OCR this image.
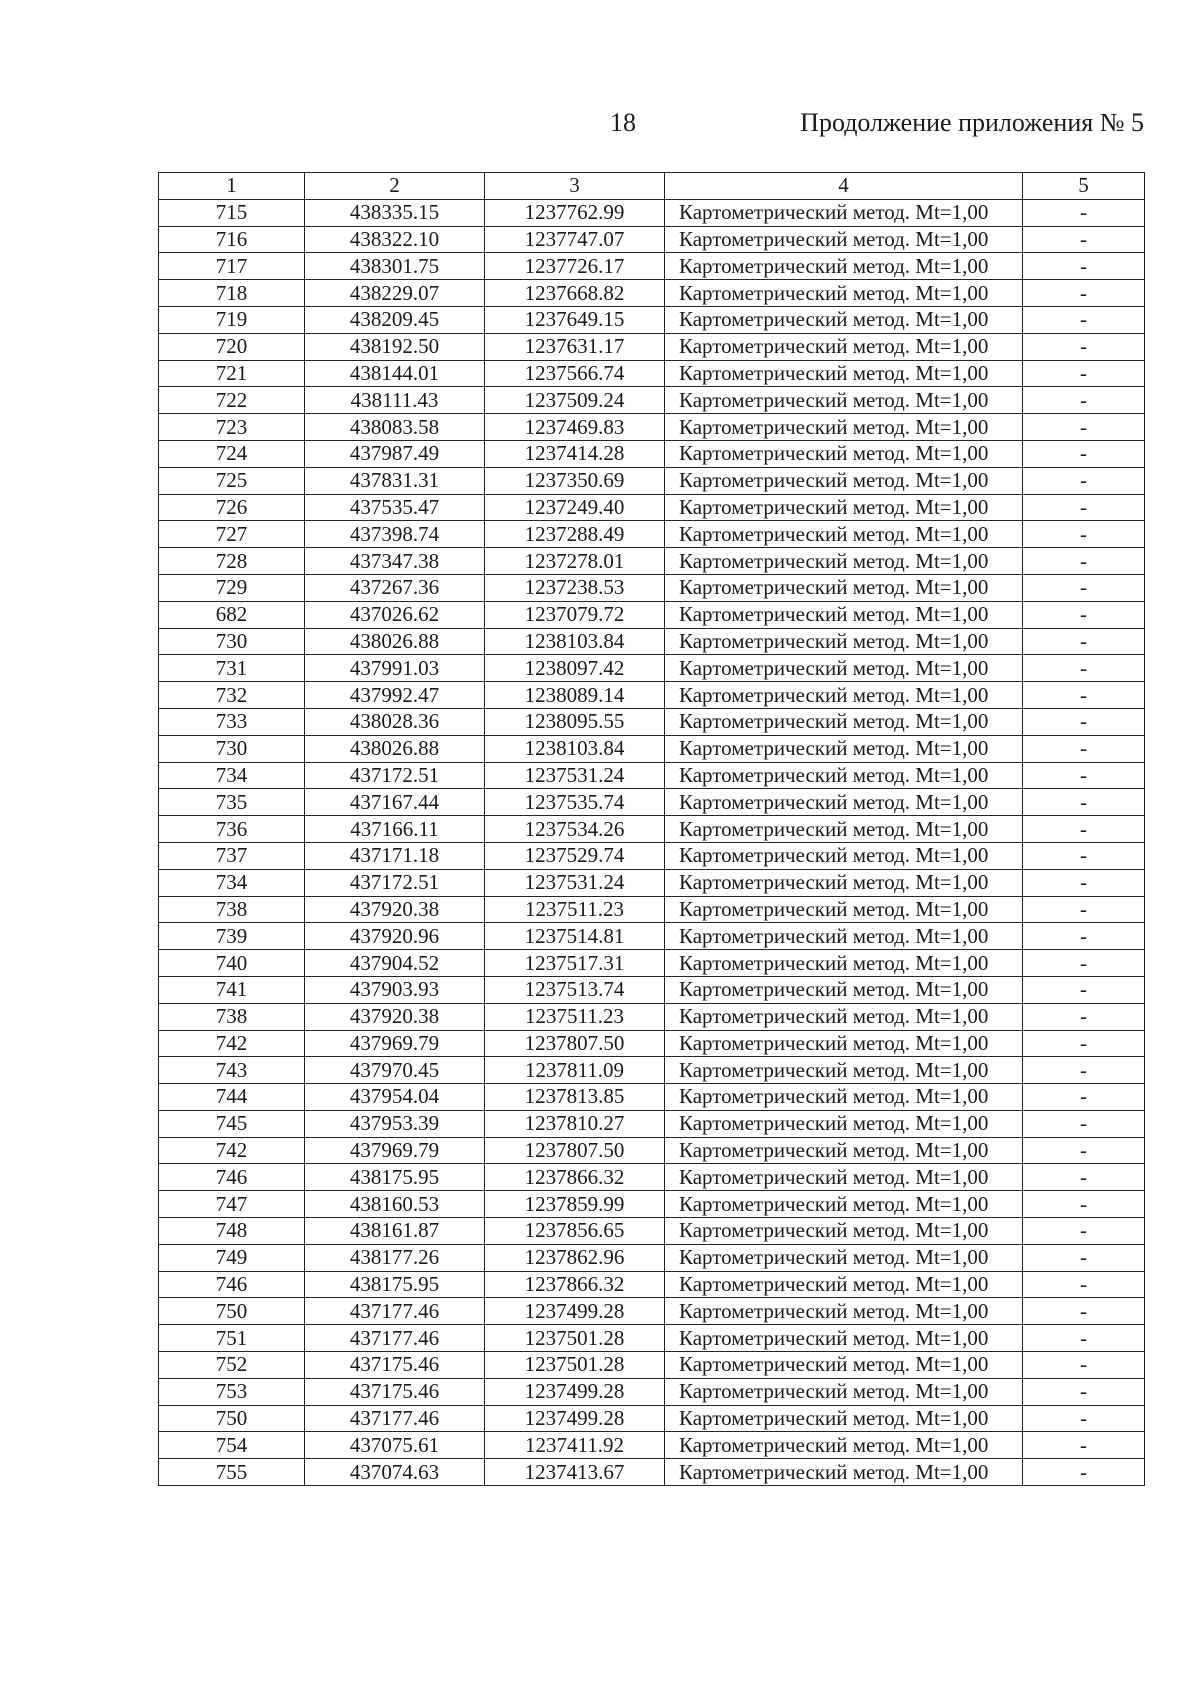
18	Продолжение приложения № 5
1	2	3	4	5
715	438335.15	1237762.99	Картометрический метод. Mt=1,00	-
716	438322.10	1237747.07	Картометрический метод. Mt=1,00	-
717	438301.75	1237726.17	Картометрический метод. Mt=1,00	-
718	438229.07	1237668.82	Картометрический метод. Mt=1,00	-
719	438209.45	1237649.15	Картометрический метод. Mt=1,00	-
720	438192.50	1237631.17	Картометрический метод. Mt=1,00	-
721	438144.01	1237566.74	Картометрический метод. Mt=1,00	-
722	438111.43	1237509.24	Картометрический метод. Mt=1,00	-
723	438083.58	1237469.83	Картометрический метод. Mt=1,00	-
724	437987.49	1237414.28	Картометрический метод. Mt=1,00	-
725	437831.31	1237350.69	Картометрический метод. Mt=1,00	-
726	437535.47	1237249.40	Картометрический метод. Mt=1,00	-
727	437398.74	1237288.49	Картометрический метод. Mt=1,00	-
728	437347.38	1237278.01	Картометрический метод. Mt=1,00	-
729	437267.36	1237238.53	Картометрический метод. Mt=1,00	-
682	437026.62	1237079.72	Картометрический метод. Mt=1,00	-
730	438026.88	1238103.84	Картометрический метод. Mt=1,00	-
731	437991.03	1238097.42	Картометрический метод. Mt=1,00	-
732	437992.47	1238089.14	Картометрический метод. Mt=1,00	-
733	438028.36	1238095.55	Картометрический метод. Mt=1,00	-
730	438026.88	1238103.84	Картометрический метод. Mt=1,00	-
734	437172.51	1237531.24	Картометрический метод. Mt=1,00	-
735	437167.44	1237535.74	Картометрический метод. Mt=1,00	-
736	437166.11	1237534.26	Картометрический метод. Mt=1,00	-
737	437171.18	1237529.74	Картометрический метод. Mt=1,00	-
734	437172.51	1237531.24	Картометрический метод. Mt=1,00	-
738	437920.38	1237511.23	Картометрический метод. Mt=1,00	-
739	437920.96	1237514.81	Картометрический метод. Mt=1,00	-
740	437904.52	1237517.31	Картометрический метод. Mt=1,00	-
741	437903.93	1237513.74	Картометрический метод. Mt=1,00	-
738	437920.38	1237511.23	Картометрический метод. Mt=1,00	-
742	437969.79	1237807.50	Картометрический метод. Mt=1,00	-
743	437970.45	1237811.09	Картометрический метод. Mt=1,00	-
744	437954.04	1237813.85	Картометрический метод. Mt=1,00	-
745	437953.39	1237810.27	Картометрический метод. Mt=1,00	-
742	437969.79	1237807.50	Картометрический метод. Mt=1,00	-
746	438175.95	1237866.32	Картометрический метод. Mt=1,00	-
747	438160.53	1237859.99	Картометрический метод. Mt=1,00	-
748	438161.87	1237856.65	Картометрический метод. Mt=1,00	-
749	438177.26	1237862.96	Картометрический метод. Mt=1,00	-
746	438175.95	1237866.32	Картометрический метод. Mt=1,00	-
750	437177.46	1237499.28	Картометрический метод. Mt=1,00	-
751	437177.46	1237501.28	Картометрический метод. Mt=1,00	-
752	437175.46	1237501.28	Картометрический метод. Mt=1,00	-
753	437175.46	1237499.28	Картометрический метод. Mt=1,00	-
750	437177.46	1237499.28	Картометрический метод. Mt=1,00	-
754	437075.61	1237411.92	Картометрический метод. Mt=1,00	-
755	437074.63	1237413.67	Картометрический метод. Mt=1,00	-
